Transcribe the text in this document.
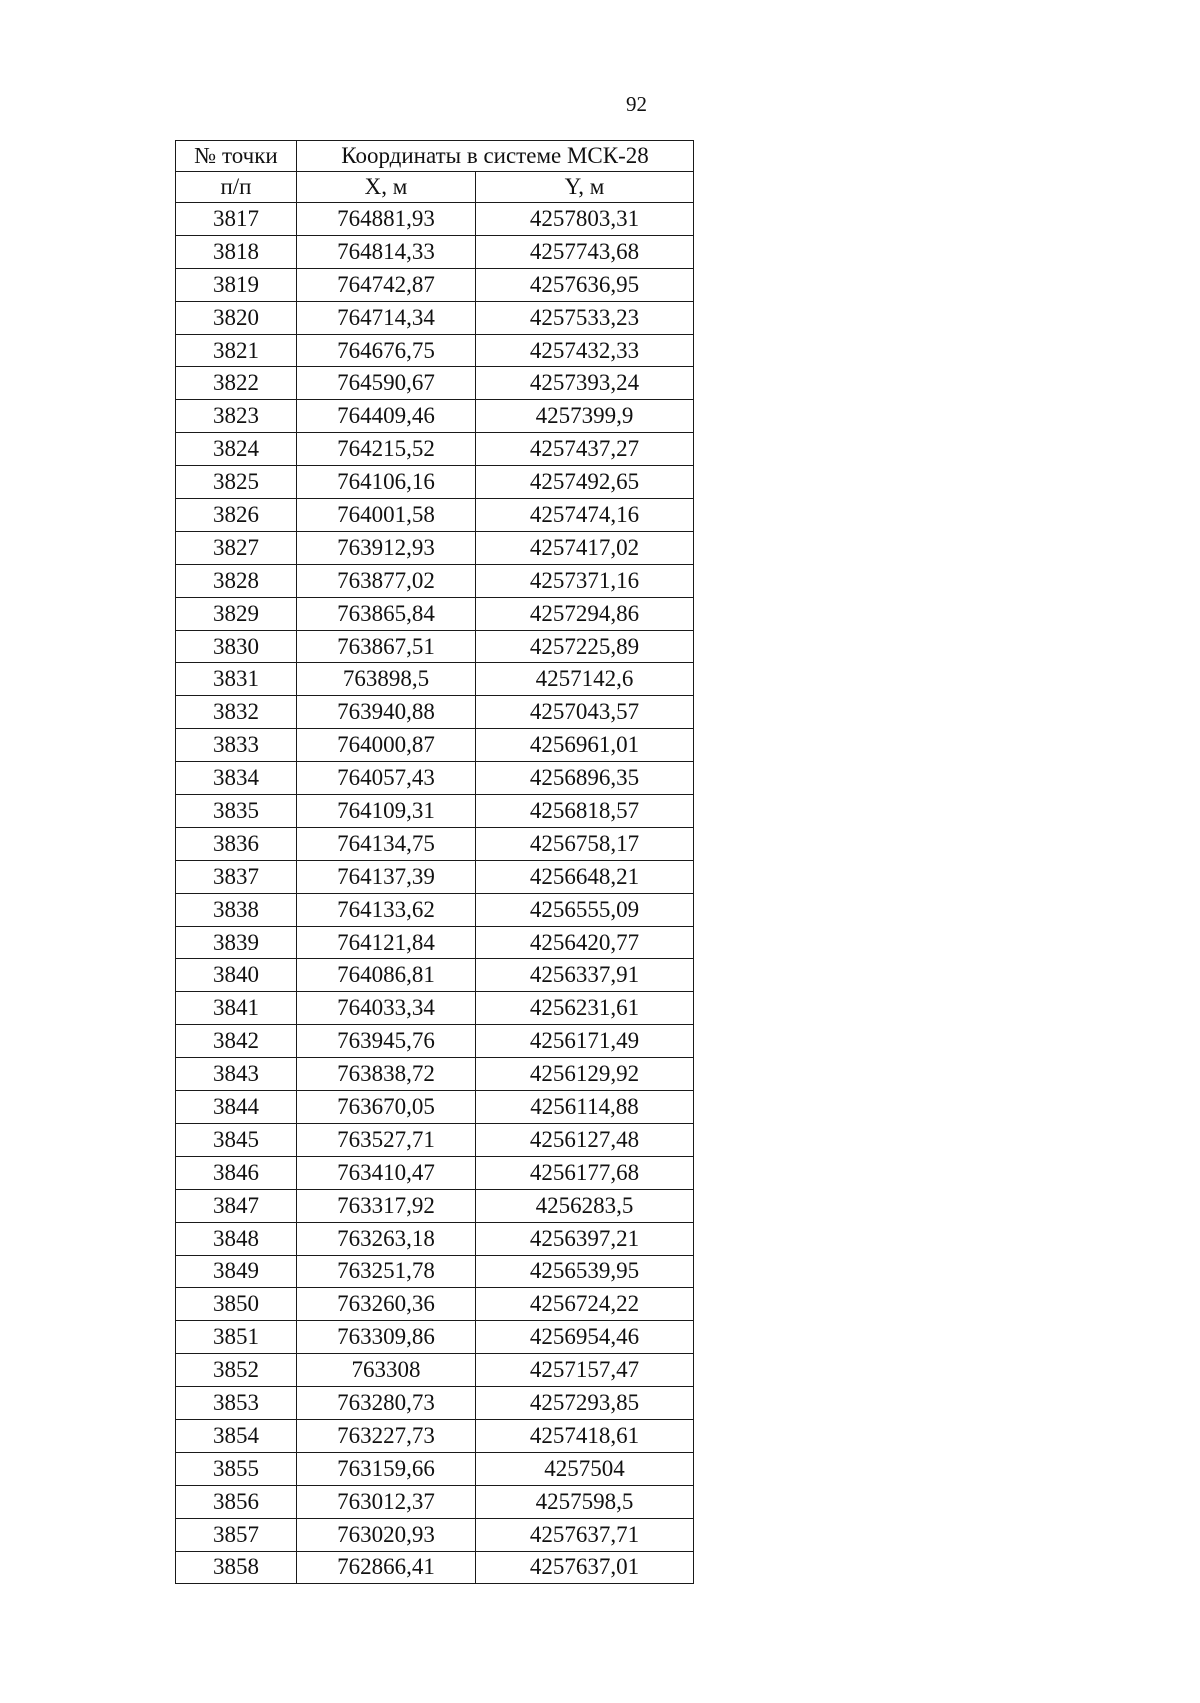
92
№ точки	Координаты в системе МСК-28	
п/п	X, м	Y, м
3817	764881,93	4257803,31
3818	764814,33	4257743,68
3819	764742,87	4257636,95
3820	764714,34	4257533,23
3821	764676,75	4257432,33
3822	764590,67	4257393,24
3823	764409,46	4257399,9
3824	764215,52	4257437,27
3825	764106,16	4257492,65
3826	764001,58	4257474,16
3827	763912,93	4257417,02
3828	763877,02	4257371,16
3829	763865,84	4257294,86
3830	763867,51	4257225,89
3831	763898,5	4257142,6
3832	763940,88	4257043,57
3833	764000,87	4256961,01
3834	764057,43	4256896,35
3835	764109,31	4256818,57
3836	764134,75	4256758,17
3837	764137,39	4256648,21
3838	764133,62	4256555,09
3839	764121,84	4256420,77
3840	764086,81	4256337,91
3841	764033,34	4256231,61
3842	763945,76	4256171,49
3843	763838,72	4256129,92
3844	763670,05	4256114,88
3845	763527,71	4256127,48
3846	763410,47	4256177,68
3847	763317,92	4256283,5
3848	763263,18	4256397,21
3849	763251,78	4256539,95
3850	763260,36	4256724,22
3851	763309,86	4256954,46
3852	763308	4257157,47
3853	763280,73	4257293,85
3854	763227,73	4257418,61
3855	763159,66	4257504
3856	763012,37	4257598,5
3857	763020,93	4257637,71
3858	762866,41	4257637,01
